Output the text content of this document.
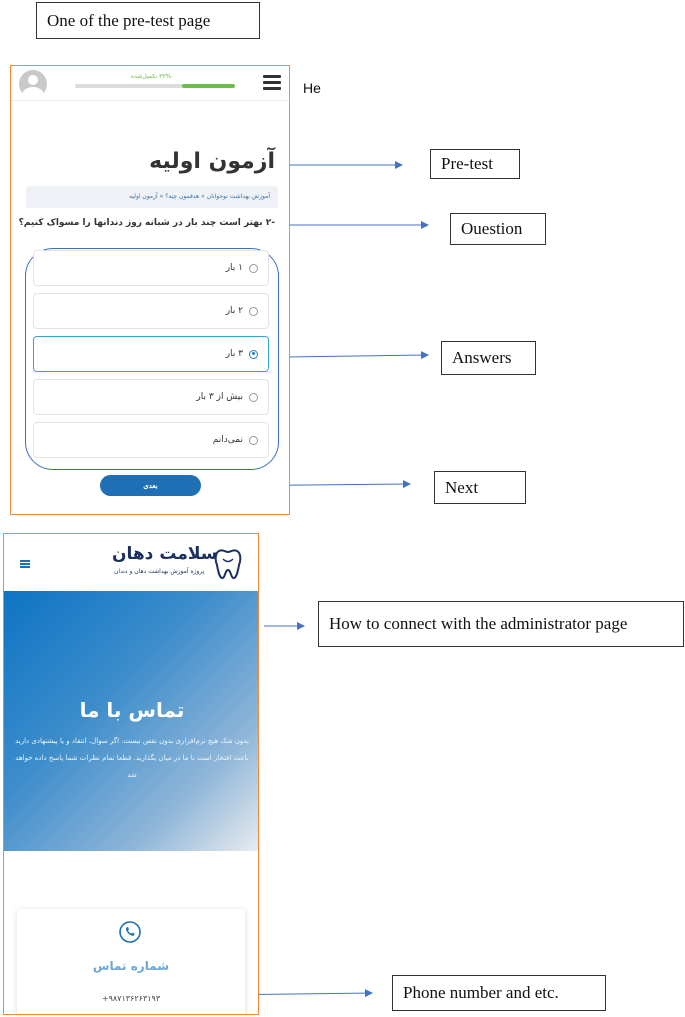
One of the pre-test page
He
Pre-test
Ouestion
Answers
Next
How to connect with the administrator page
Phone number and etc.
۳۳% تکمیل‌شده
آزمون اولیه
آموزش بهداشت نوجوانان » هدفمون چیه؟ » آزمون اولیه
-۲ بهتر است چند بار در شبانه روز دندانها را مسواک کنیم؟
۱ بار
۲ بار
۳ بار
بیش از ۳ بار
نمی‌دانم
بعدی
سلامت دهان
پروژه آموزش بهداشت دهان و دندان
تماس با ما
بدون شک هیچ نرم‌افزاری بدون نقص نیست. اگر سوال، انتقاد و یا پیشنهادی دارید باعث افتخار است با ما در میان بگذارید. قطعا تمام نظرات شما پاسخ داده خواهد شد
شماره تماس
+۹۸۷۱۳۶۲۶۳۱۹۳
